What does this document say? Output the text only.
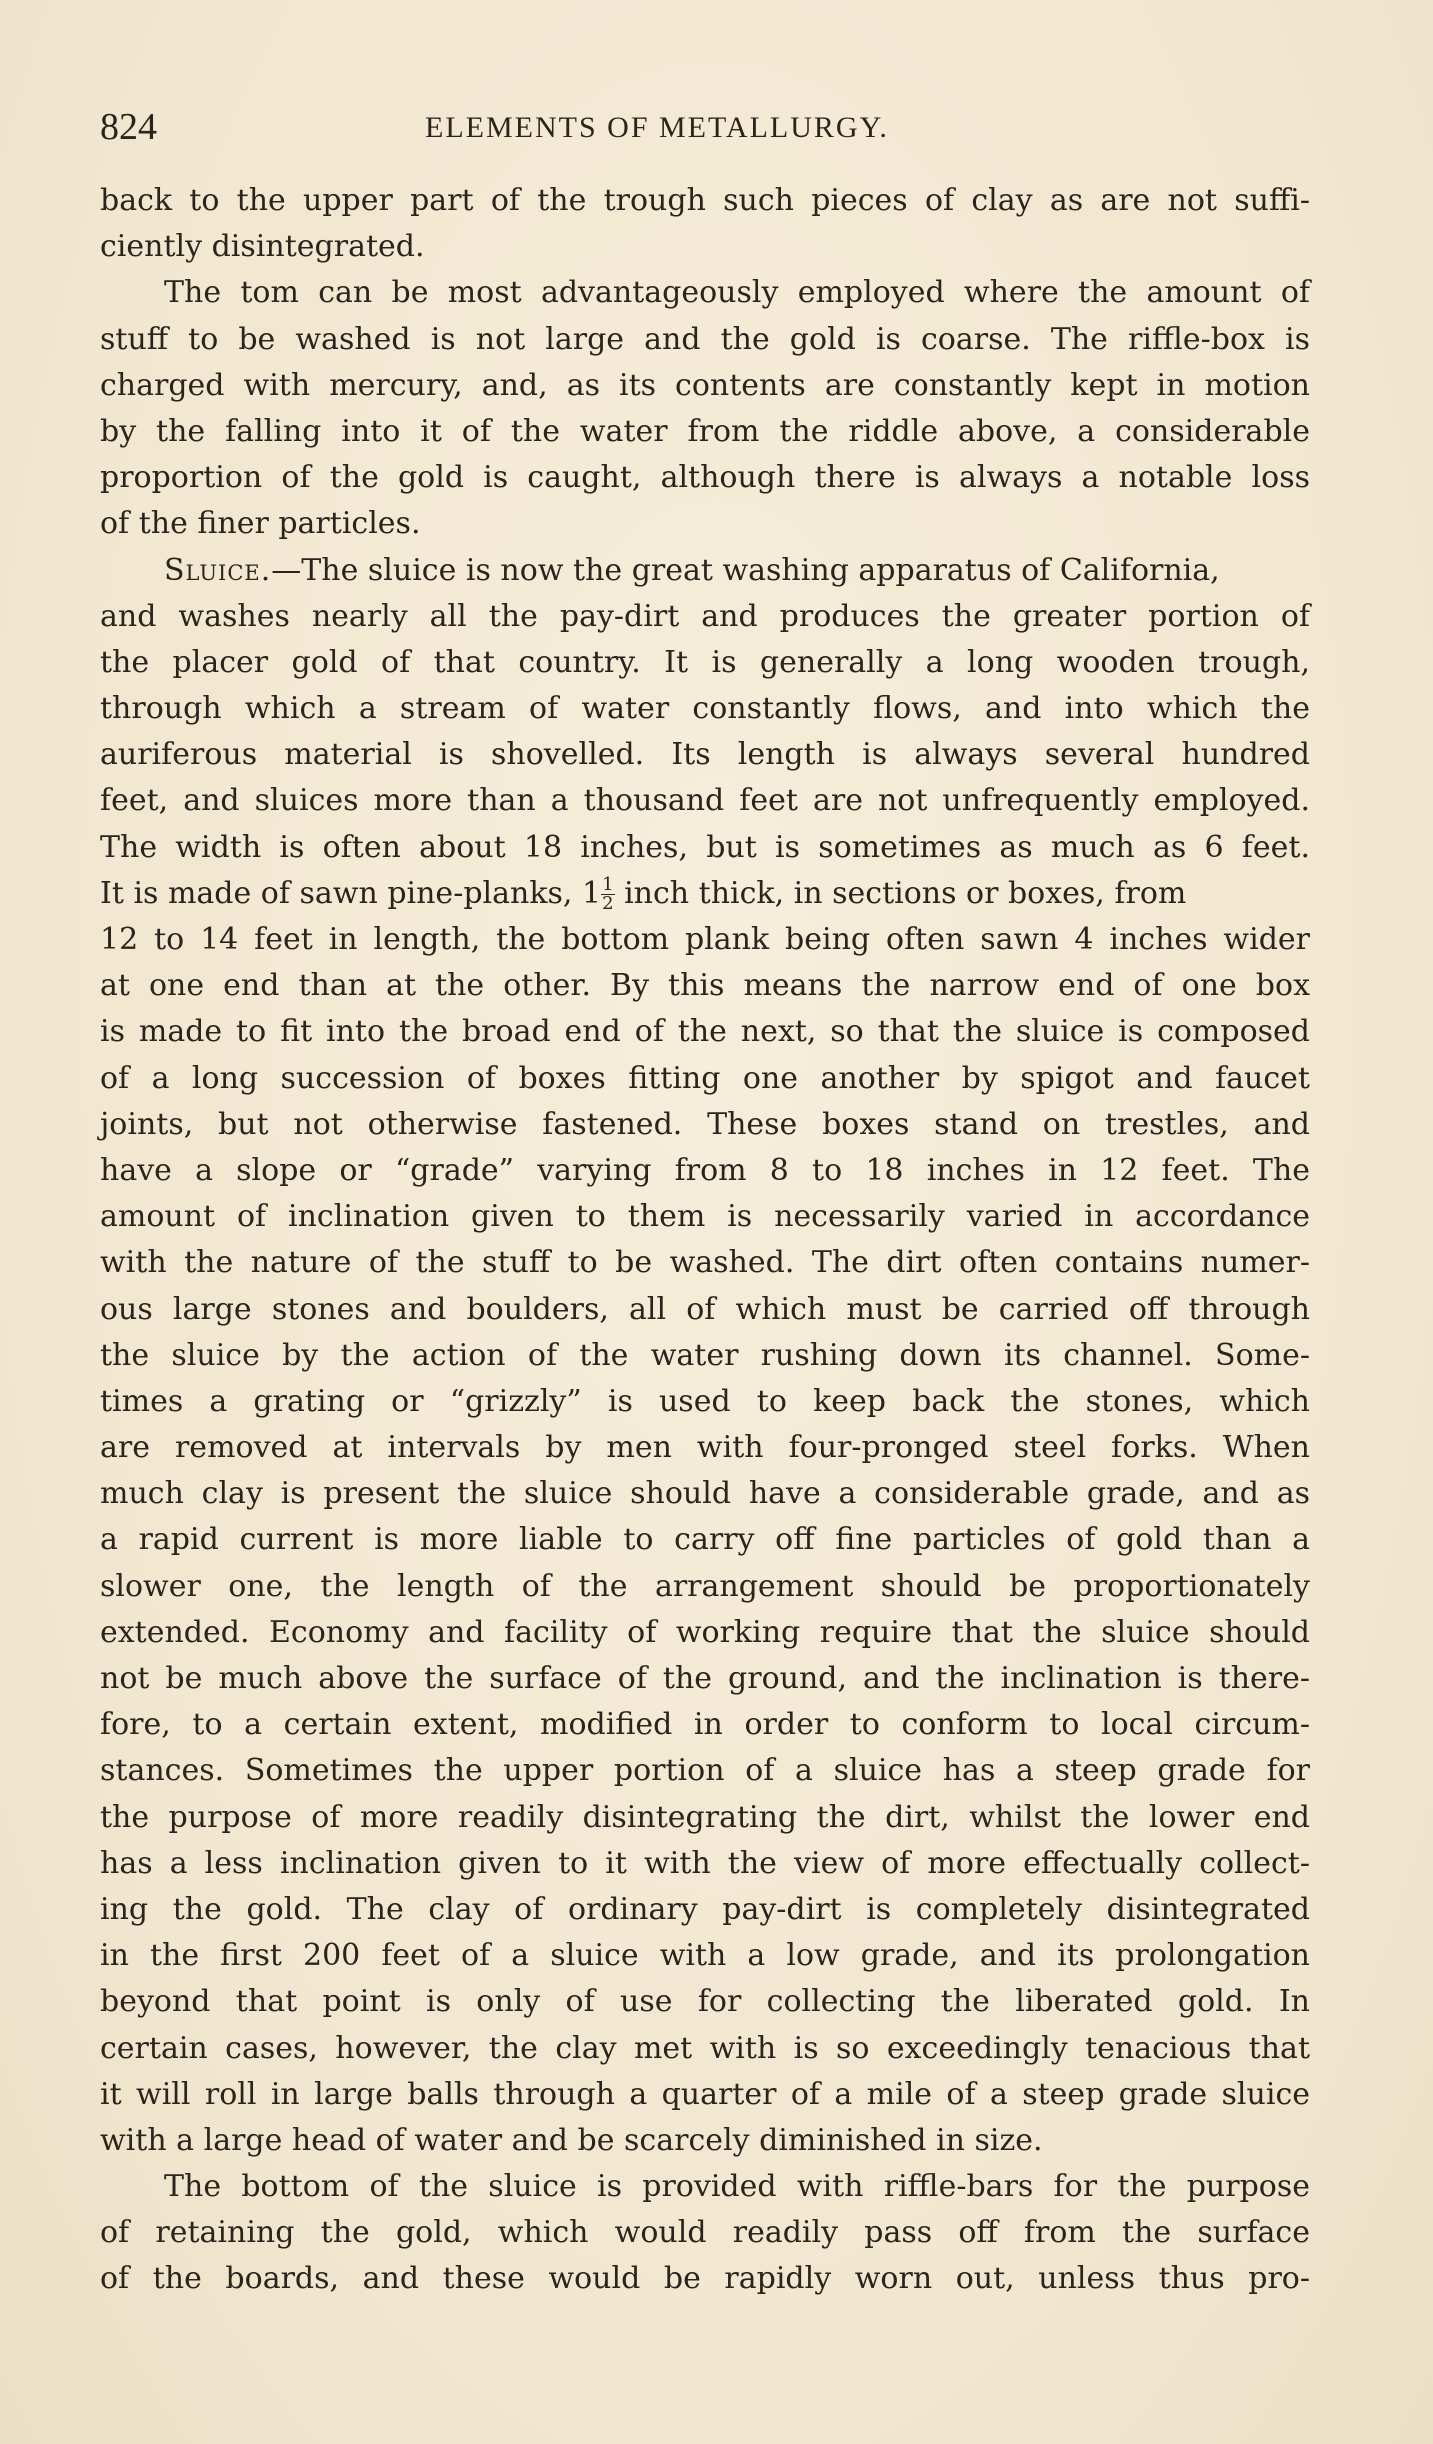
824	ELEMENTS OF METALLURGY.
back to the upper part of the trough such pieces of clay as are not suffi-
ciently disintegrated.
The tom can be most advantageously employed where the amount of
stuff to be washed is not large and the gold is coarse. The riffle-box is
charged with mercury, and, as its contents are constantly kept in motion
by the falling into it of the water from the riddle above, a considerable
proportion of the gold is caught, although there is always a notable loss
of the finer particles.
Sluice.—The sluice is now the great washing apparatus of California,
and washes nearly all the pay-dirt and produces the greater portion of
the placer gold of that country. It is generally a long wooden trough,
through which a stream of water constantly flows, and into which the
auriferous material is shovelled. Its length is always several hundred
feet, and sluices more than a thousand feet are not unfrequently employed.
The width is often about 18 inches, but is sometimes as much as 6 feet.
It is made of sawn pine-planks, $1 \frac{1}{2}$ inch thick, in sections or boxes, from
12 to 14 feet in length, the bottom plank being often sawn 4 inches wider
at one end than at the other. By this means the narrow end of one box
is made to fit into the broad end of the next, so that the sluice is composed
of a long succession of boxes fitting one another by spigot and faucet
joints, but not otherwise fastened. These boxes stand on trestles, and
have a slope or “grade” varying from 8 to 18 inches in 12 feet. The
amount of inclination given to them is necessarily varied in accordance
with the nature of the stuff to be washed. The dirt often contains numer-
ous large stones and boulders, all of which must be carried off through
the sluice by the action of the water rushing down its channel. Some-
times a grating or “grizzly” is used to keep back the stones, which
are removed at intervals by men with four-pronged steel forks. When
much clay is present the sluice should have a considerable grade, and as
a rapid current is more liable to carry off fine particles of gold than a
slower one, the length of the arrangement should be proportionately
extended. Economy and facility of working require that the sluice should
not be much above the surface of the ground, and the inclination is there-
fore, to a certain extent, modified in order to conform to local circum-
stances. Sometimes the upper portion of a sluice has a steep grade for
the purpose of more readily disintegrating the dirt, whilst the lower end
has a less inclination given to it with the view of more effectually collect-
ing the gold. The clay of ordinary pay-dirt is completely disintegrated
in the first 200 feet of a sluice with a low grade, and its prolongation
beyond that point is only of use for collecting the liberated gold. In
certain cases, however, the clay met with is so exceedingly tenacious that
it will roll in large balls through a quarter of a mile of a steep grade sluice
with a large head of water and be scarcely diminished in size.
The bottom of the sluice is provided with riffle-bars for the purpose
of retaining the gold, which would readily pass off from the surface
of the boards, and these would be rapidly worn out, unless thus pro-
